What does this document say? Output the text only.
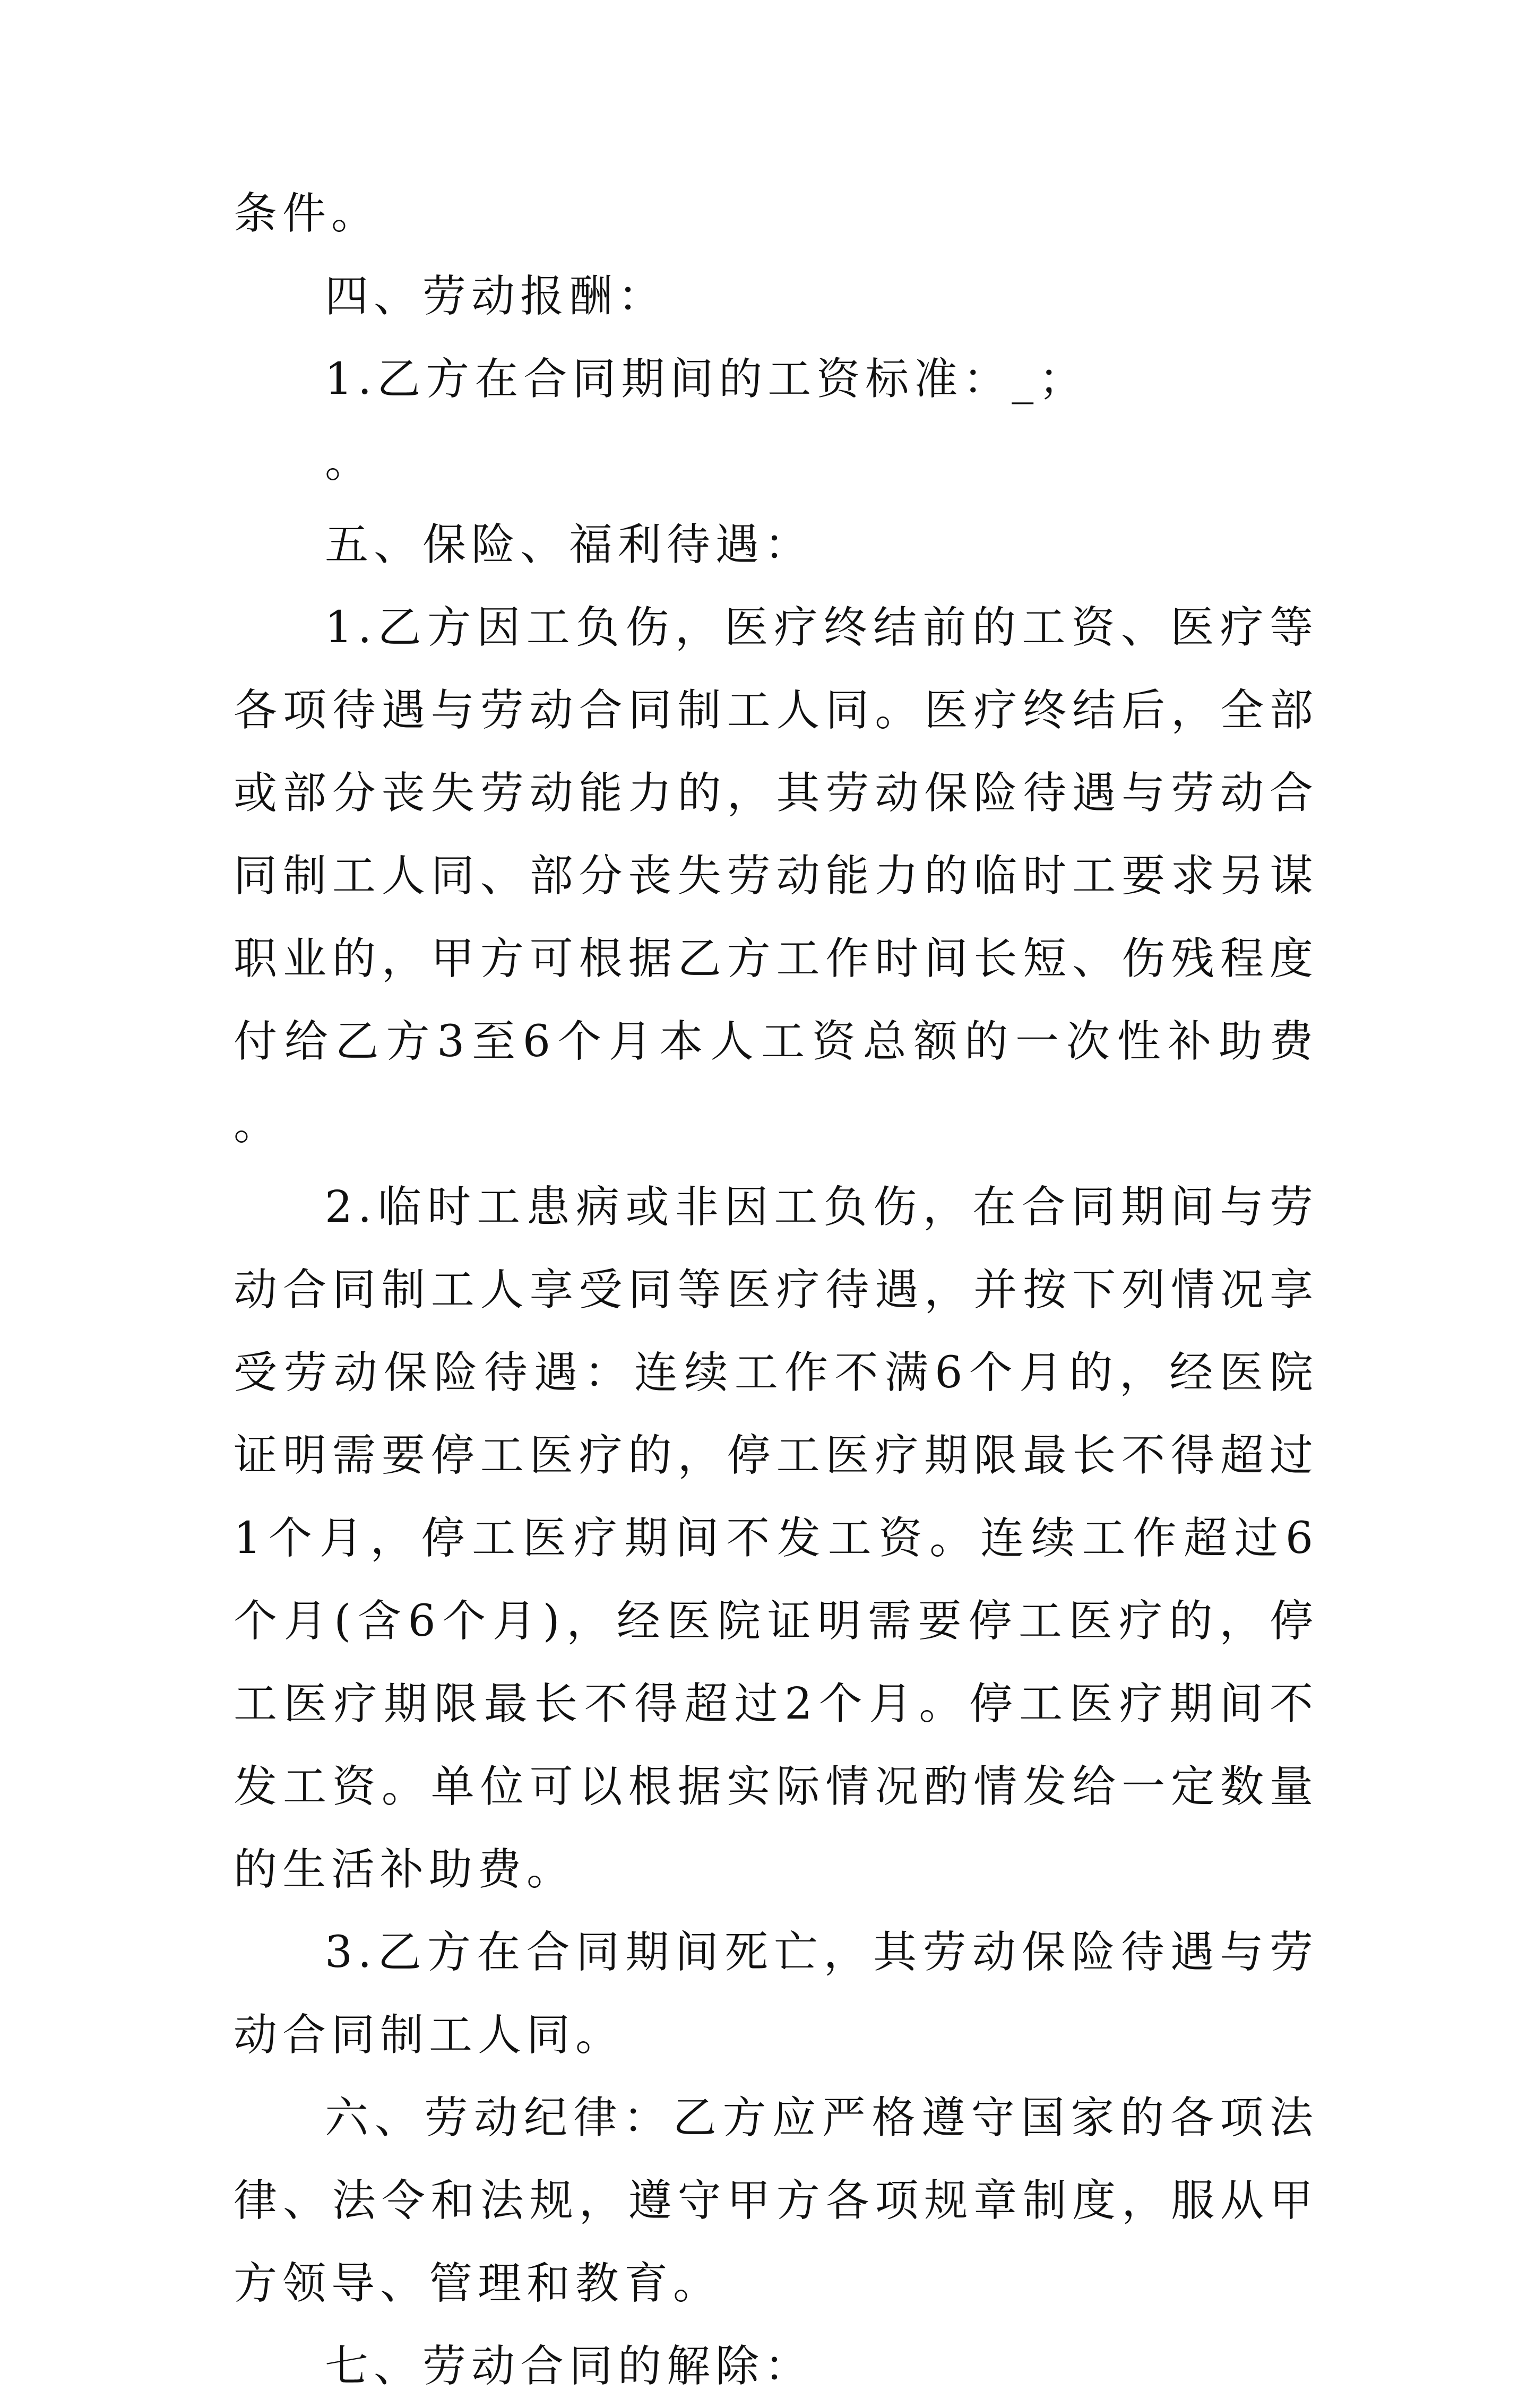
条件。

四、劳动报酬：

1.乙方在合同期间的工资标准：_；

。

五、保险、福利待遇：

1.乙方因工负伤，医疗终结前的工资、医疗等各项待遇与劳动合同制工人同。医疗终结后，全部或部分丧失劳动能力的，其劳动保险待遇与劳动合同制工人同、部分丧失劳动能力的临时工要求另谋职业的，甲方可根据乙方工作时间长短、伤残程度付给乙方3至6个月本人工资总额的一次性补助费。

2.临时工患病或非因工负伤，在合同期间与劳动合同制工人享受同等医疗待遇，并按下列情况享受劳动保险待遇：连续工作不满6个月的，经医院证明需要停工医疗的，停工医疗期限最长不得超过1个月，停工医疗期间不发工资。连续工作超过6个月(含6个月)，经医院证明需要停工医疗的，停工医疗期限最长不得超过2个月。停工医疗期间不发工资。单位可以根据实际情况酌情发给一定数量的生活补助费。

3.乙方在合同期间死亡，其劳动保险待遇与劳动合同制工人同。

六、劳动纪律：乙方应严格遵守国家的各项法律、法令和法规，遵守甲方各项规章制度，服从甲方领导、管理和教育。

七、劳动合同的解除：
